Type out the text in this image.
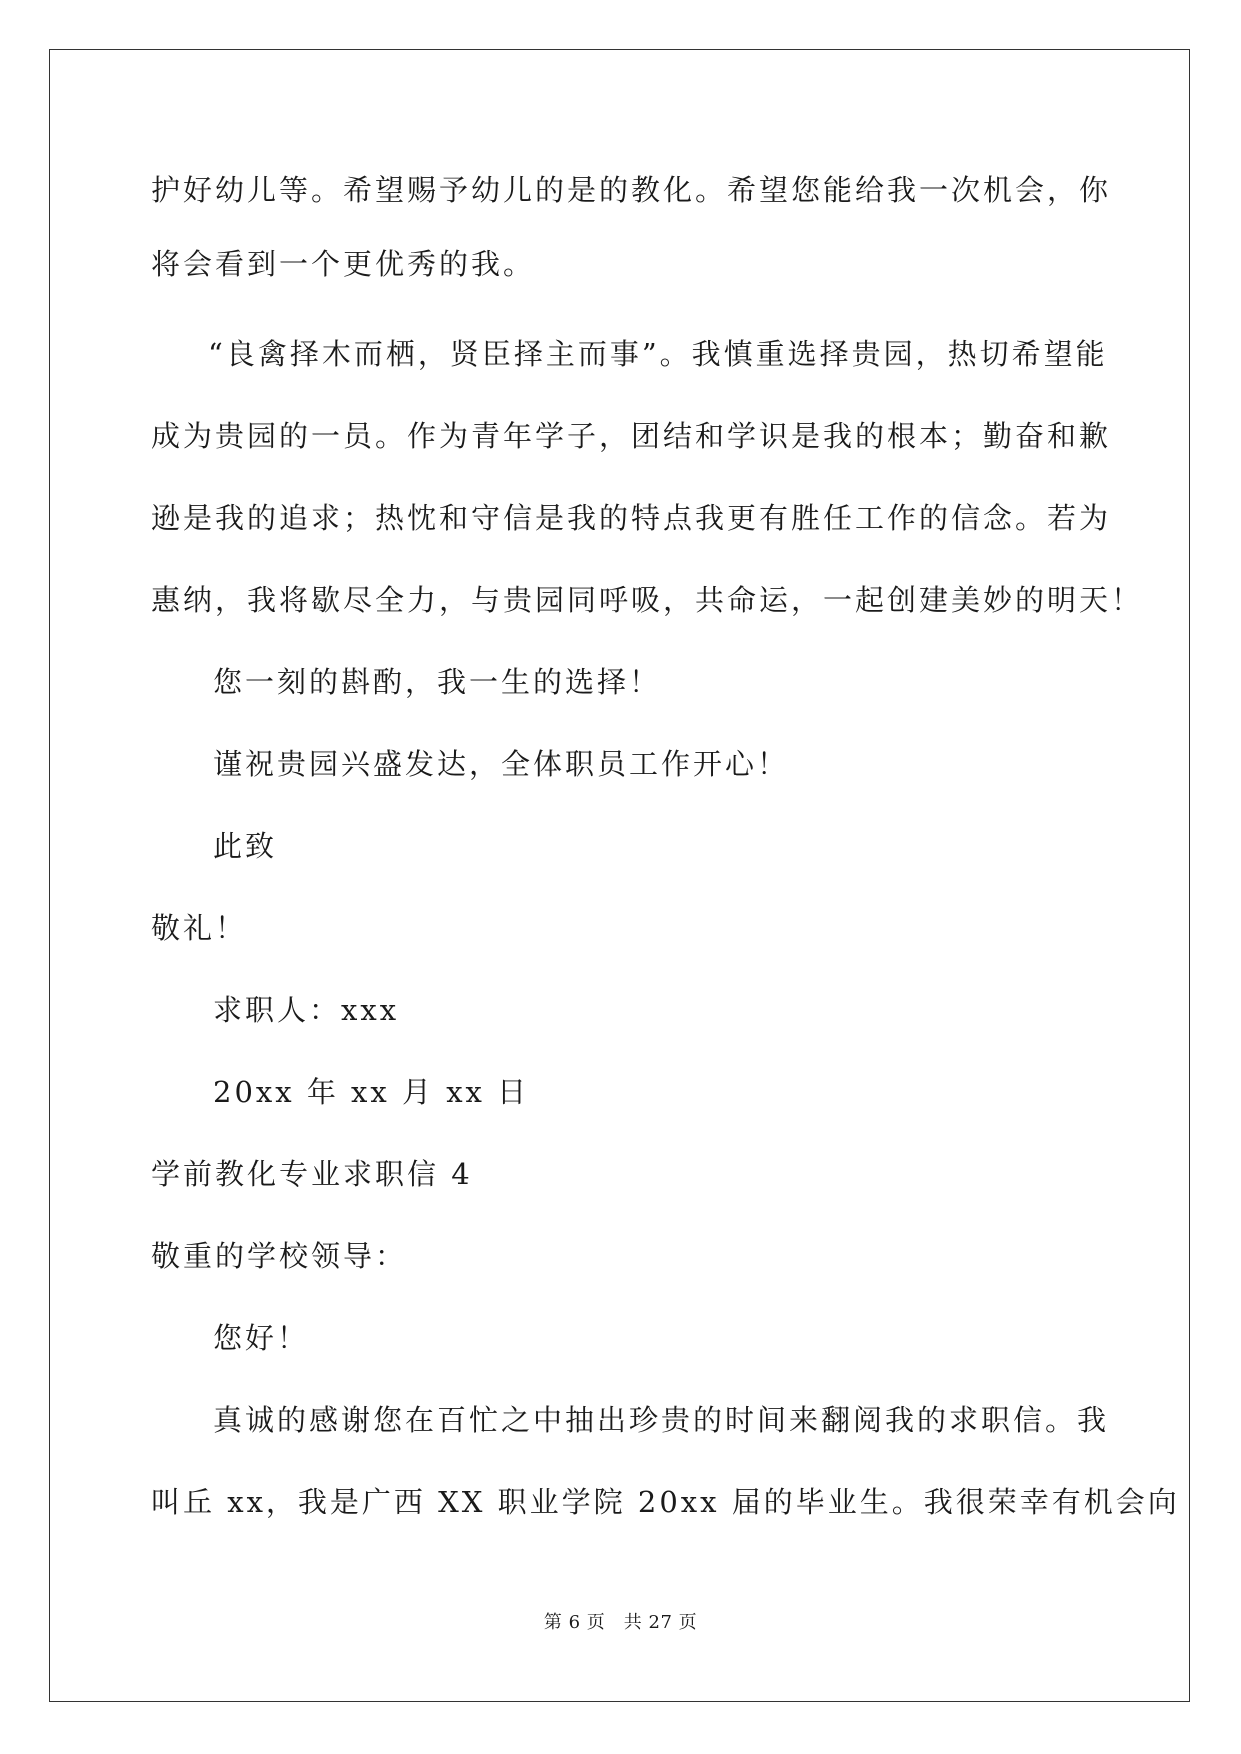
护好幼儿等。希望赐予幼儿的是的教化。希望您能给我一次机会，你
将会看到一个更优秀的我。
“良禽择木而栖，贤臣择主而事”。我慎重选择贵园，热切希望能
成为贵园的一员。作为青年学子，团结和学识是我的根本；勤奋和歉
逊是我的追求；热忱和守信是我的特点我更有胜任工作的信念。若为
惠纳，我将歇尽全力，与贵园同呼吸，共命运，一起创建美妙的明天！
您一刻的斟酌，我一生的选择！
谨祝贵园兴盛发达，全体职员工作开心！
此致
敬礼！
求职人：xxx
20xx 年 xx 月 xx 日
学前教化专业求职信 4
敬重的学校领导：
您好！
真诚的感谢您在百忙之中抽出珍贵的时间来翻阅我的求职信。我
叫丘 xx，我是广西 XX 职业学院 20xx 届的毕业生。我很荣幸有机会向
第 6 页　共 27 页
